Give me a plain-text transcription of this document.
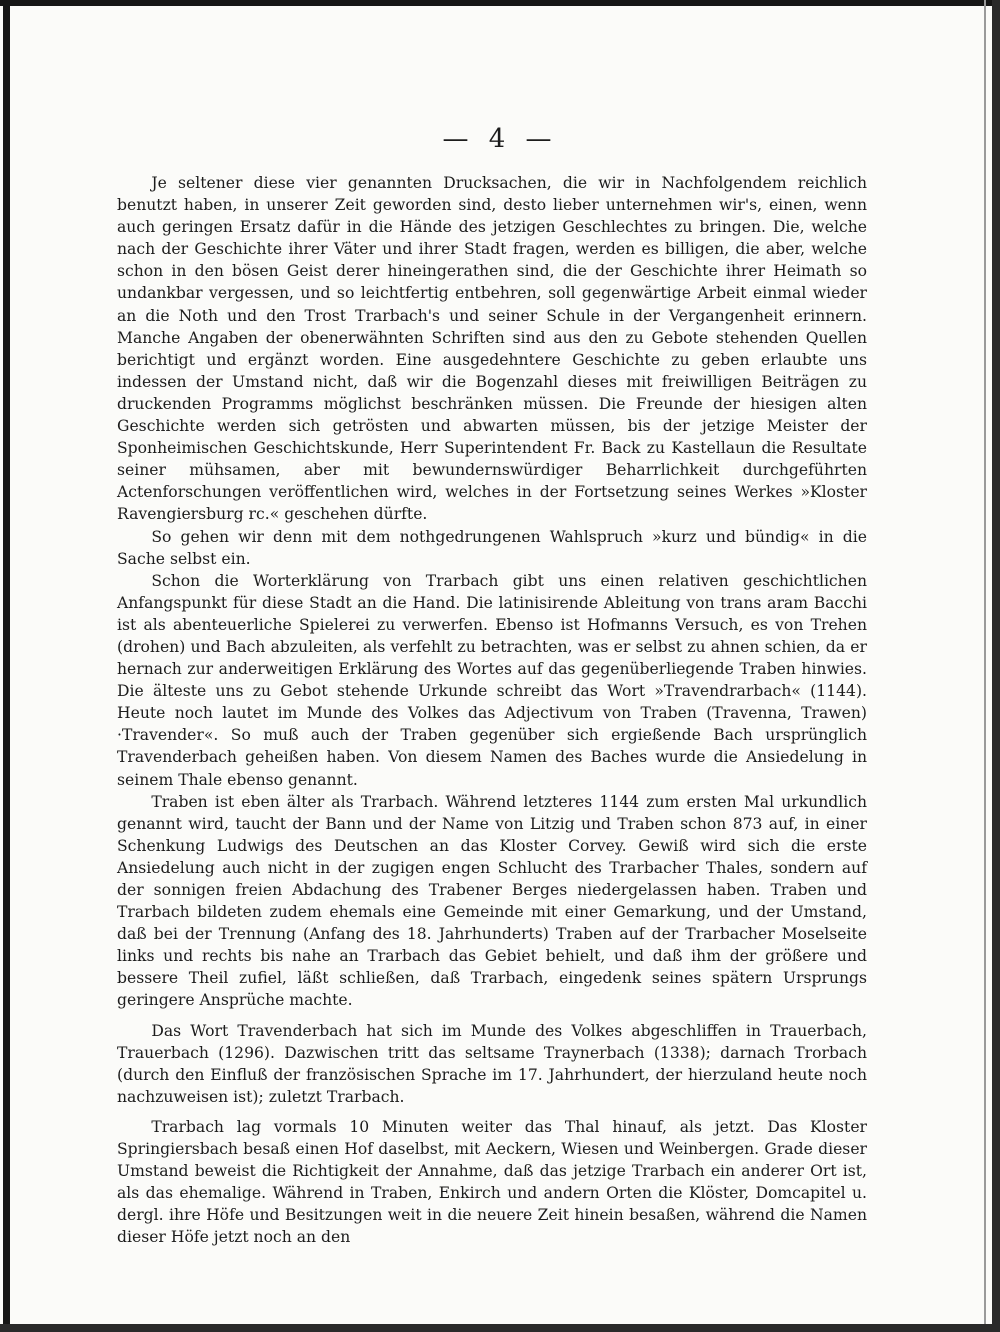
— 4 —

Je seltener diese vier genannten Drucksachen, die wir in Nachfolgendem reichlich benutzt haben, in unserer Zeit geworden sind, desto lieber unternehmen wir's, einen, wenn auch geringen Ersatz dafür in die Hände des jetzigen Geschlechtes zu bringen. Die, welche nach der Geschichte ihrer Väter und ihrer Stadt fragen, werden es billigen, die aber, welche schon in den bösen Geist derer hineingerathen sind, die der Geschichte ihrer Heimath so undankbar vergessen, und so leichtfertig entbehren, soll gegenwärtige Arbeit einmal wieder an die Noth und den Trost Trarbach's und seiner Schule in der Vergangenheit erinnern. Manche Angaben der obenerwähnten Schriften sind aus den zu Gebote stehenden Quellen berichtigt und ergänzt worden. Eine ausgedehntere Geschichte zu geben erlaubte uns indessen der Umstand nicht, daß wir die Bogenzahl dieses mit freiwilligen Beiträgen zu druckenden Programms möglichst beschränken müssen. Die Freunde der hiesigen alten Geschichte werden sich getrösten und abwarten müssen, bis der jetzige Meister der Sponheimischen Geschichtskunde, Herr Superintendent Fr. Back zu Kastellaun die Resultate seiner mühsamen, aber mit bewundernswürdiger Beharrlichkeit durchgeführten Actenforschungen veröffentlichen wird, welches in der Fortsetzung seines Werkes »Kloster Ravengiersburg rc.« geschehen dürfte.

So gehen wir denn mit dem nothgedrungenen Wahlspruch »kurz und bündig« in die Sache selbst ein.

Schon die Worterklärung von Trarbach gibt uns einen relativen geschichtlichen Anfangspunkt für diese Stadt an die Hand. Die latinisirende Ableitung von trans aram Bacchi ist als abenteuerliche Spielerei zu verwerfen. Ebenso ist Hofmanns Versuch, es von Trehen (drohen) und Bach abzuleiten, als verfehlt zu betrachten, was er selbst zu ahnen schien, da er hernach zur anderweitigen Erklärung des Wortes auf das gegenüberliegende Traben hinwies. Die älteste uns zu Gebot stehende Urkunde schreibt das Wort »Travendrarbach« (1144). Heute noch lautet im Munde des Volkes das Adjectivum von Traben (Travenna, Trawen) ·Travender«. So muß auch der Traben gegenüber sich ergießende Bach ursprünglich Travenderbach geheißen haben. Von diesem Namen des Baches wurde die Ansiedelung in seinem Thale ebenso genannt.

Traben ist eben älter als Trarbach. Während letzteres 1144 zum ersten Mal urkundlich genannt wird, taucht der Bann und der Name von Litzig und Traben schon 873 auf, in einer Schenkung Ludwigs des Deutschen an das Kloster Corvey. Gewiß wird sich die erste Ansiedelung auch nicht in der zugigen engen Schlucht des Trarbacher Thales, sondern auf der sonnigen freien Abdachung des Trabener Berges niedergelassen haben. Traben und Trarbach bildeten zudem ehemals eine Gemeinde mit einer Gemarkung, und der Umstand, daß bei der Trennung (Anfang des 18. Jahrhunderts) Traben auf der Trarbacher Moselseite links und rechts bis nahe an Trarbach das Gebiet behielt, und daß ihm der größere und bessere Theil zufiel, läßt schließen, daß Trarbach, eingedenk seines spätern Ursprungs geringere Ansprüche machte.

Das Wort Travenderbach hat sich im Munde des Volkes abgeschliffen in Trauerbach, Trauerbach (1296). Dazwischen tritt das seltsame Traynerbach (1338); darnach Trorbach (durch den Einfluß der französischen Sprache im 17. Jahrhundert, der hierzuland heute noch nachzuweisen ist); zuletzt Trarbach.

Trarbach lag vormals 10 Minuten weiter das Thal hinauf, als jetzt. Das Kloster Springiersbach besaß einen Hof daselbst, mit Aeckern, Wiesen und Weinbergen. Grade dieser Umstand beweist die Richtigkeit der Annahme, daß das jetzige Trarbach ein anderer Ort ist, als das ehemalige. Während in Traben, Enkirch und andern Orten die Klöster, Domcapitel u. dergl. ihre Höfe und Besitzungen weit in die neuere Zeit hinein besaßen, während die Namen dieser Höfe jetzt noch an den
